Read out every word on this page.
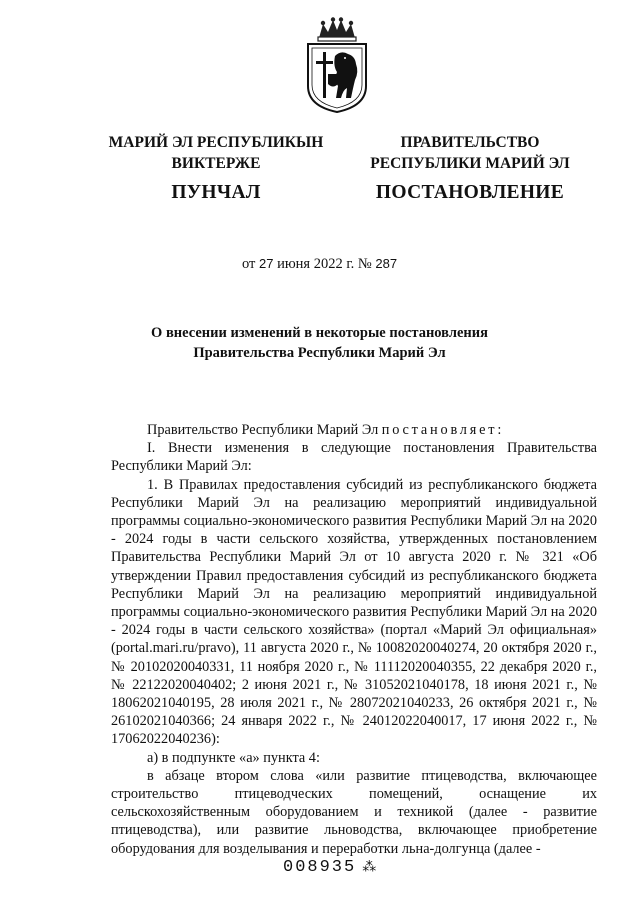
МАРИЙ ЭЛ РЕСПУБЛИКЫН
ВИКТЕРЖЕ
ПУНЧАЛ
ПРАВИТЕЛЬСТВО
РЕСПУБЛИКИ МАРИЙ ЭЛ
ПОСТАНОВЛЕНИЕ
от 27 июня 2022 г. № 287
О внесении изменений в некоторые постановления
Правительства Республики Марий Эл

Правительство Республики Марий Эл постановляет:

I. Внести изменения в следующие постановления Правительства Республики Марий Эл:

1. В Правилах предоставления субсидий из республиканского бюджета Республики Марий Эл на реализацию мероприятий индивидуальной программы социально-экономического развития Республики Марий Эл на 2020 - 2024 годы в части сельского хозяйства, утвержденных постановлением Правительства Республики Марий Эл от 10 августа 2020 г. № 321 «Об утверждении Правил предоставления субсидий из республиканского бюджета Республики Марий Эл на реализацию мероприятий индивидуальной программы социально-экономического развития Республики Марий Эл на 2020 - 2024 годы в части сельского хозяйства» (портал «Марий Эл официальная» (portal.mari.ru/pravo), 11 августа 2020 г., № 10082020040274, 20 октября 2020 г., № 20102020040331, 11 ноября 2020 г., № 11112020040355, 22 декабря 2020 г., № 22122020040402; 2 июня 2021 г., № 31052021040178, 18 июня 2021 г., № 18062021040195, 28 июля 2021 г., № 28072021040233, 26 октября 2021 г., № 26102021040366; 24 января 2022 г., № 24012022040017, 17 июня 2022 г., № 17062022040236):

а) в подпункте «а» пункта 4:

в абзаце втором слова «или развитие птицеводства, включающее строительство птицеводческих помещений, оснащение их сельскохозяйственным оборудованием и техникой (далее - развитие птицеводства), или развитие льноводства, включающее приобретение оборудования для возделывания и переработки льна-долгунца (далее -

008935 ⁂
